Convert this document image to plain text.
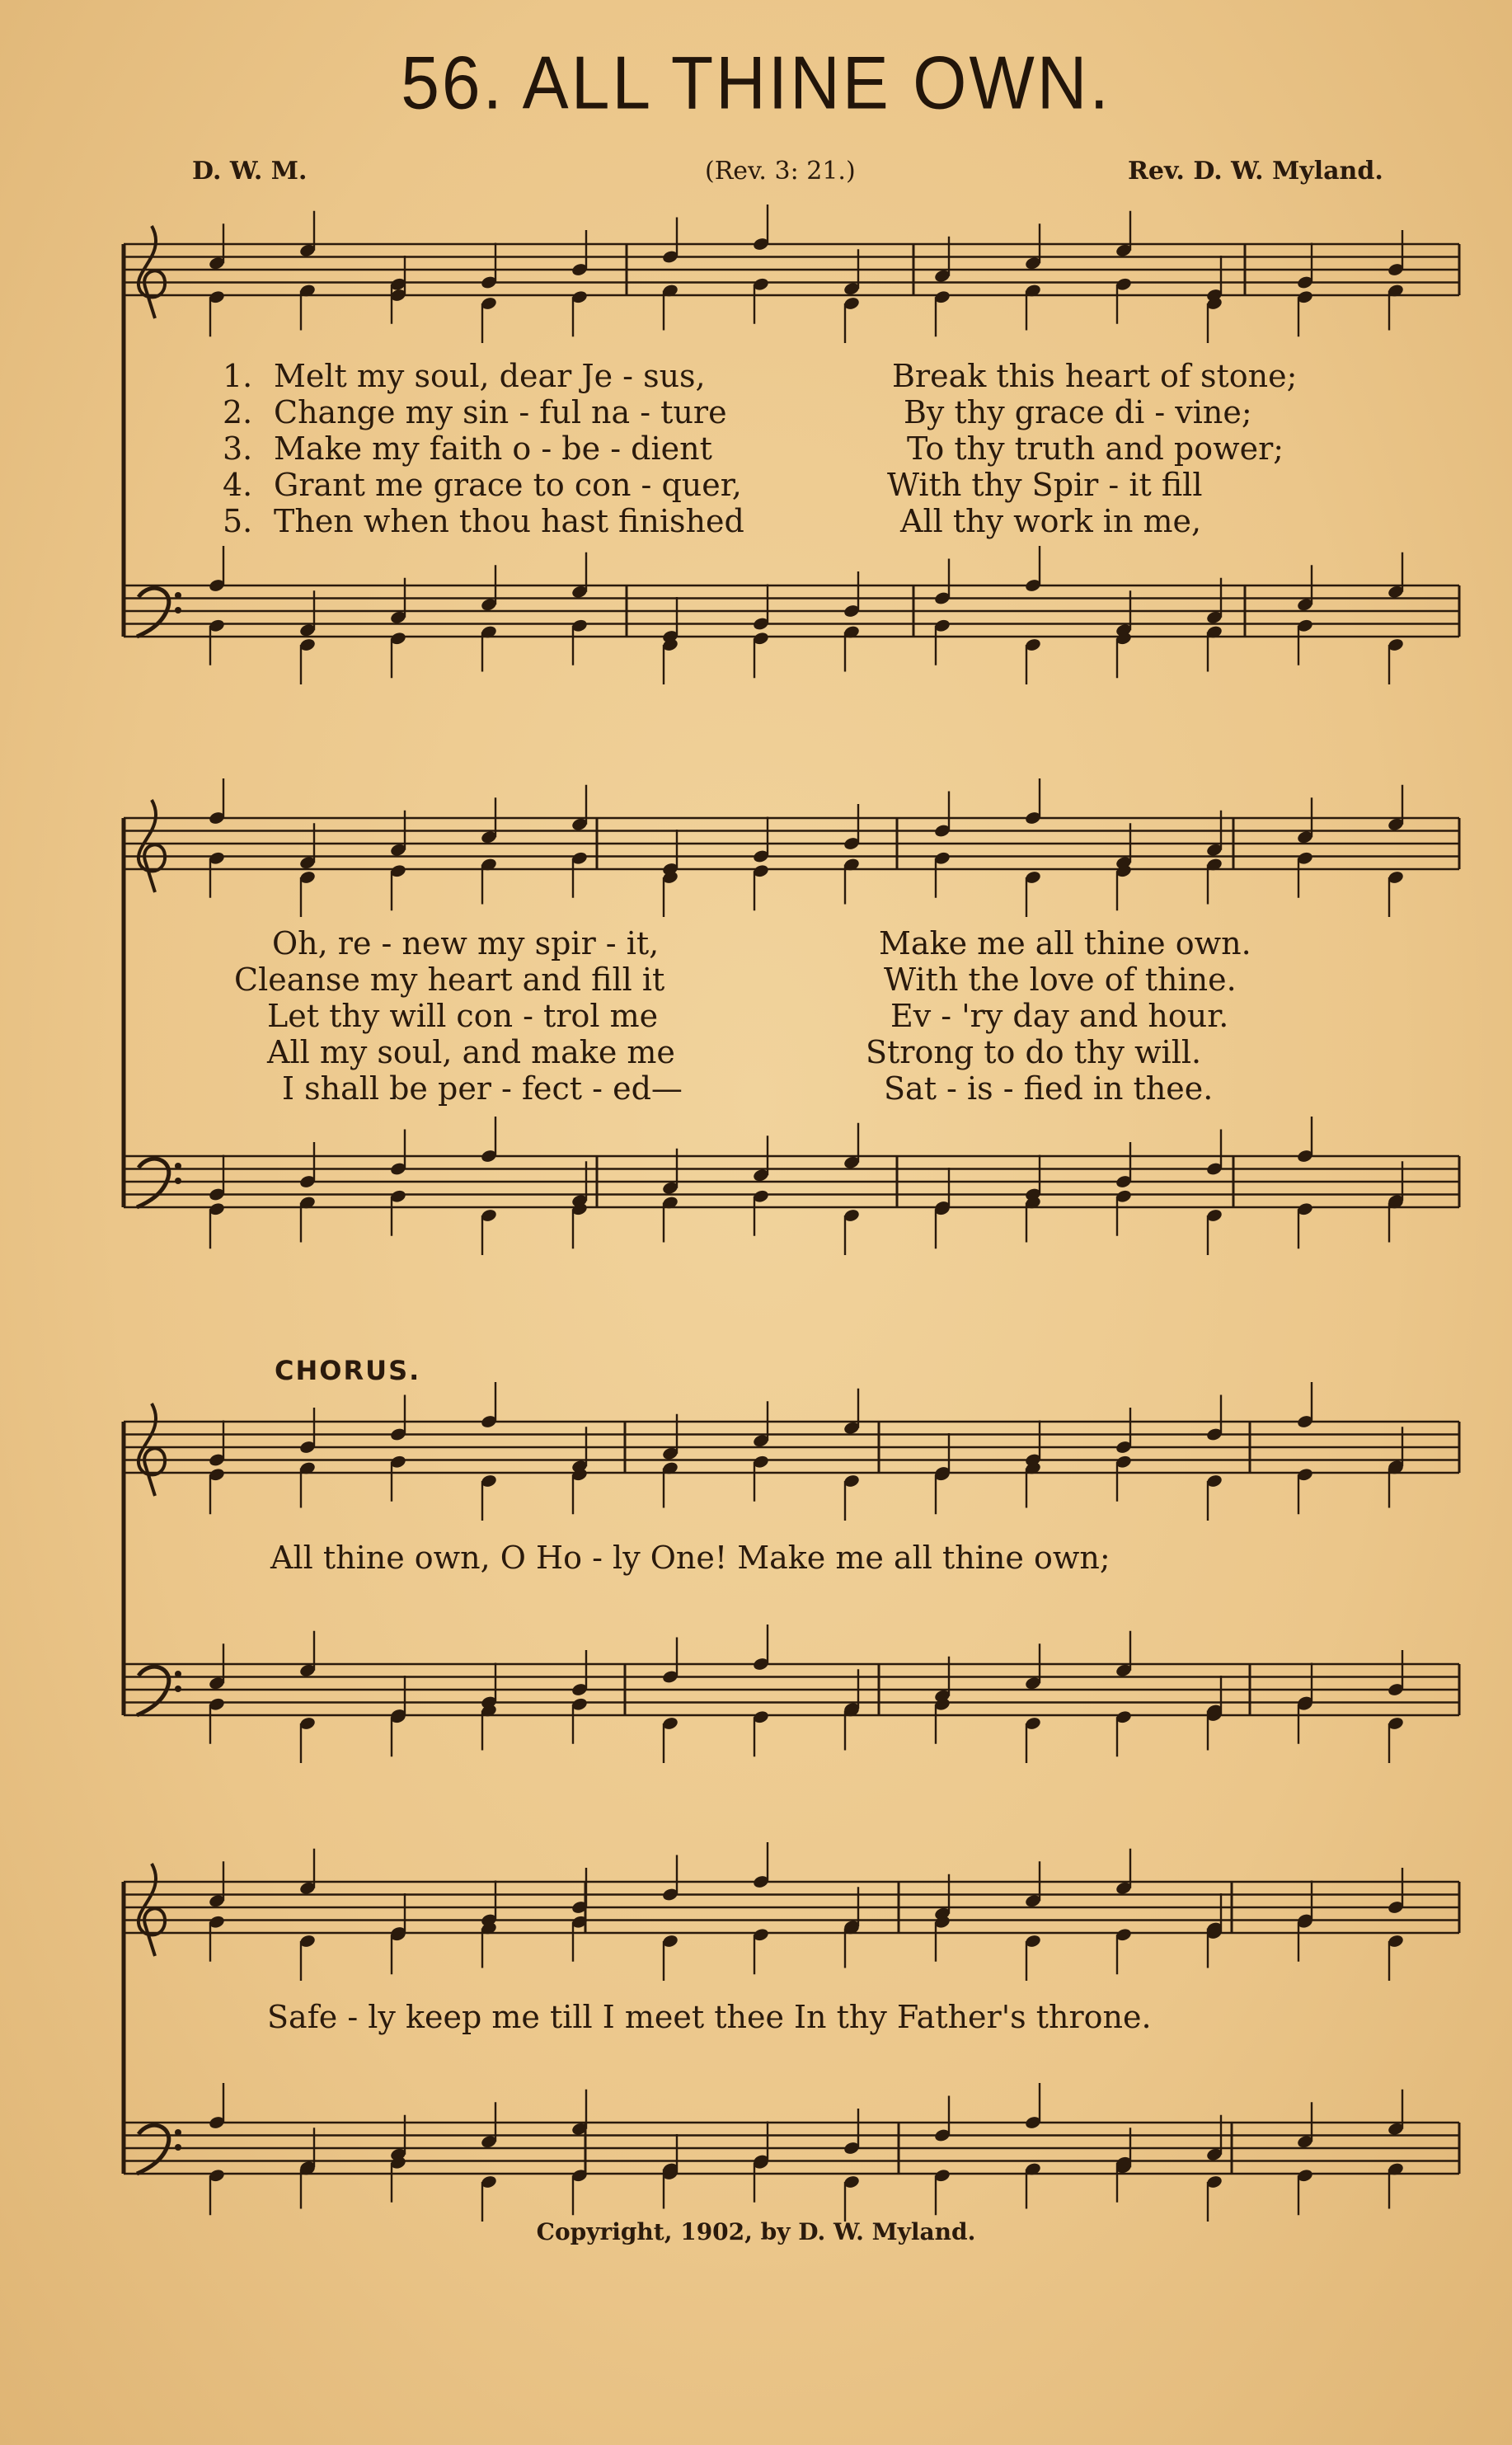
56. ALL THINE OWN.
D. W. M.	(Rev. 3: 21.)	Rev. D. W. Myland.
1. Melt my soul, dear Je - sus,	Break this heart of stone;
2. Change my sin - ful na - ture	By thy grace di - vine;
3. Make my faith o - be - dient	To thy truth and power;
4. Grant me grace to con - quer,	With thy Spir - it fill
5. Then when thou hast finished	All thy work in me,
Oh, re - new my spir - it,	Make me all thine own.
Cleanse my heart and fill it	With the love of thine.
Let thy will con - trol me	Ev - 'ry day and hour.
All my soul, and make me	Strong to do thy will.
I shall be per - fect - ed—	Sat - is - fied in thee.
CHORUS.
All thine own, O Ho - ly One! Make me all thine own;
Safe - ly keep me till I meet thee In thy Father's throne.
Copyright, 1902, by D. W. Myland.
